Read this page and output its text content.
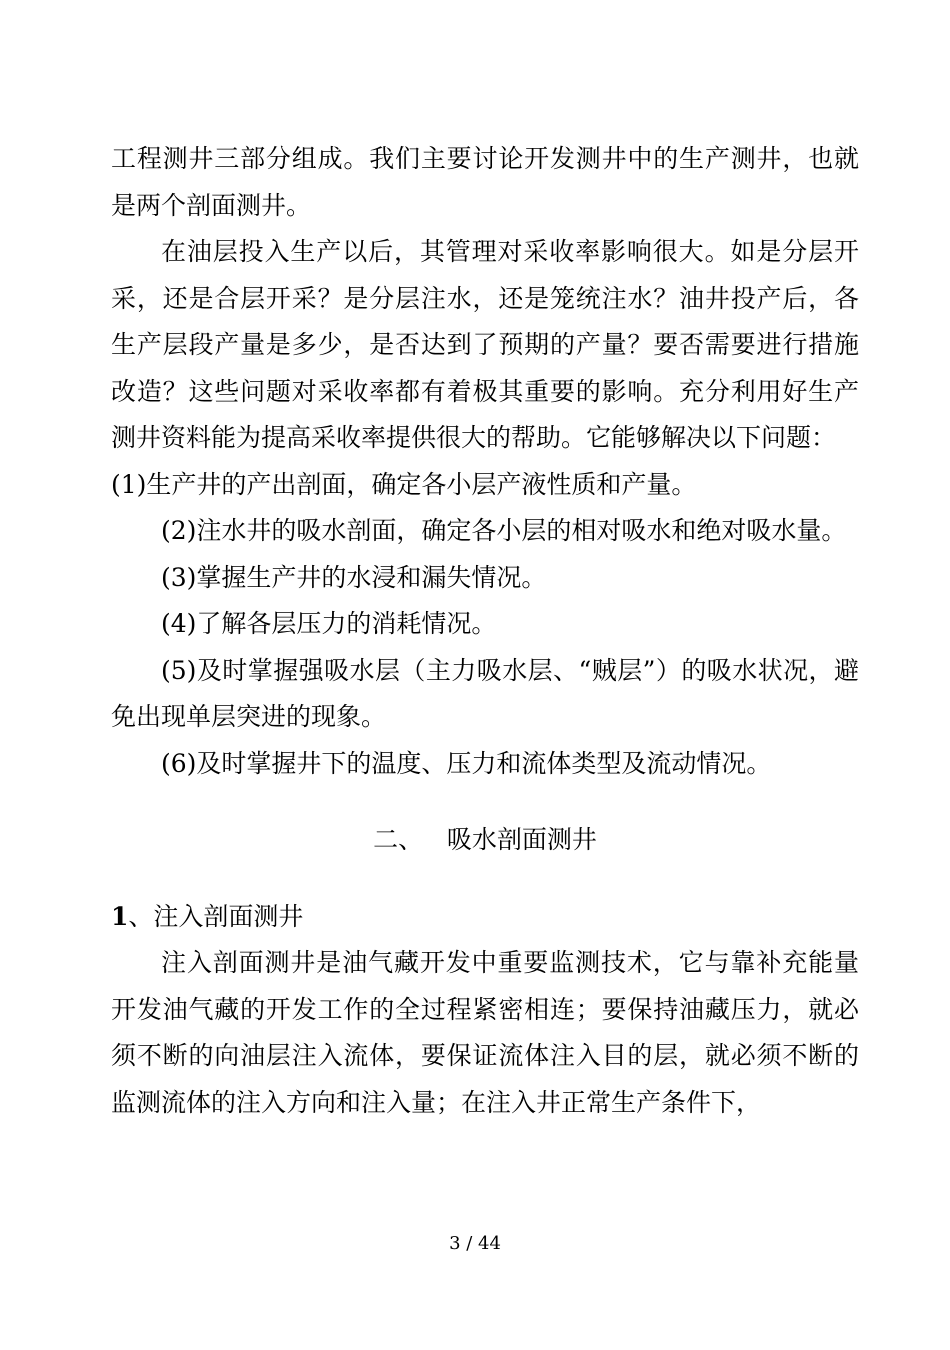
工程测井三部分组成。我们主要讨论开发测井中的生产测井，也就是两个剖面测井。

在油层投入生产以后，其管理对采收率影响很大。如是分层开采，还是合层开采？是分层注水，还是笼统注水？油井投产后，各生产层段产量是多少，是否达到了预期的产量？要否需要进行措施改造？这些问题对采收率都有着极其重要的影响。充分利用好生产测井资料能为提高采收率提供很大的帮助。它能够解决以下问题：

(1)生产井的产出剖面，确定各小层产液性质和产量。

(2)注水井的吸水剖面，确定各小层的相对吸水和绝对吸水量。

(3)掌握生产井的水浸和漏失情况。

(4)了解各层压力的消耗情况。

(5)及时掌握强吸水层（主力吸水层、“贼层”）的吸水状况，避免出现单层突进的现象。

(6)及时掌握井下的温度、压力和流体类型及流动情况。

二、   吸水剖面测井

1、注入剖面测井

注入剖面测井是油气藏开发中重要监测技术，它与靠补充能量开发油气藏的开发工作的全过程紧密相连；要保持油藏压力，就必须不断的向油层注入流体，要保证流体注入目的层，就必须不断的监测流体的注入方向和注入量；在注入井正常生产条件下，

3 / 44
